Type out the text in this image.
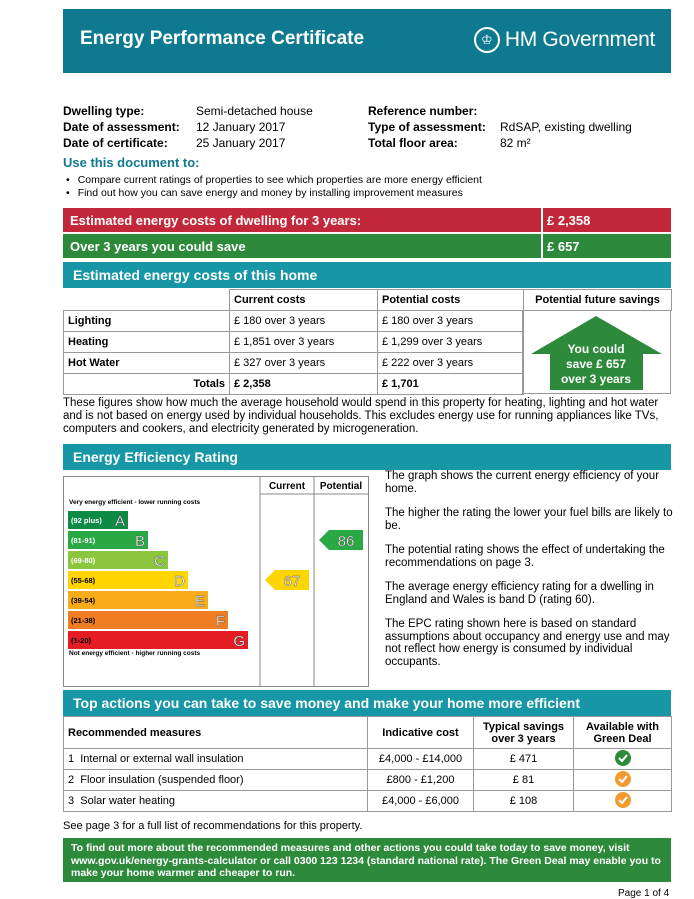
Energy Performance Certificate	♔ HM Government
Dwelling type:	Semi-detached house
Date of assessment: 12 January 2017
Date of certificate: 25 January 2017
Reference number:
Type of assessment: RdSAP, existing dwelling
Total floor area:	82 m²
Use this document to:
• Compare current ratings of properties to see which properties are more energy efficient
• Find out how you can save energy and money by installing improvement measures
Estimated energy costs of dwelling for 3 years:	£ 2,358
Over 3 years you could save	£ 657
Estimated energy costs of this home
	Current costs	Potential costs	Potential future savings
Lighting	£ 180 over 3 years	£ 180 over 3 years	
Heating	£ 1,851 over 3 years	£ 1,299 over 3 years	
Hot Water	£ 327 over 3 years	£ 222 over 3 years	
Totals	£ 2,358	£ 1,701	
You could
save £ 657
over 3 years
These figures show how much the average household would spend in this property for heating, lighting and hot water and is not based on energy used by individual households. This excludes energy use for running appliances like TVs, computers and cookers, and electricity generated by microgeneration.
Energy Efficiency Rating
Current Potential
Very energy efficient - lower running costs
Not energy efficient - higher running costs
(92 plus) A
(81-91)	B
(69-80)	C
(55-68)	D
(39-54)	E
(21-38)	F
(1-20)	G
67
86

The graph shows the current energy efficiency of your home.

The higher the rating the lower your fuel bills are likely to be.

The potential rating shows the effect of undertaking the recommendations on page 3.

The average energy efficiency rating for a dwelling in England and Wales is band D (rating 60).

The EPC rating shown here is based on standard assumptions about occupancy and energy use and may not reflect how energy is consumed by individual occupants.

Top actions you can take to save money and make your home more efficient
Recommended measures	Indicative cost	Typical savings over 3 years	Available with Green Deal
1 Internal or external wall insulation	£4,000 - £14,000	£ 471	
2 Floor insulation (suspended floor)	£800 - £1,200	£ 81	
3 Solar water heating	£4,000 - £6,000	£ 108	
See page 3 for a full list of recommendations for this property.
To find out more about the recommended measures and other actions you could take today to save money, visit www.gov.uk/energy-grants-calculator or call 0300 123 1234 (standard national rate). The Green Deal may enable you to make your home warmer and cheaper to run.
Page 1 of 4
